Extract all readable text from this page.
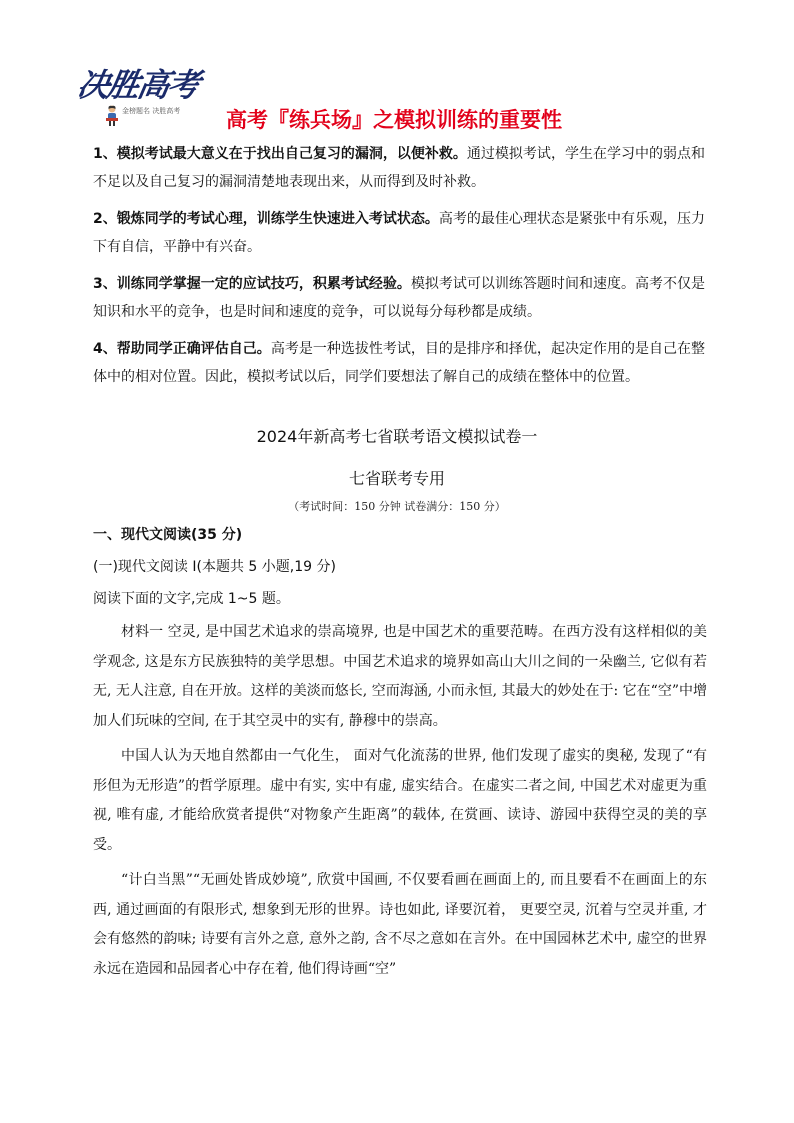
决胜高考
金榜题名 决胜高考 高考『练兵场』之模拟训练的重要性

1、模拟考试最大意义在于找出自己复习的漏洞，以便补救。通过模拟考试，学生在学习中的弱点和不足以及自己复习的漏洞清楚地表现出来，从而得到及时补救。

2、锻炼同学的考试心理，训练学生快速进入考试状态。高考的最佳心理状态是紧张中有乐观，压力下有自信，平静中有兴奋。

3、训练同学掌握一定的应试技巧，积累考试经验。模拟考试可以训练答题时间和速度。高考不仅是知识和水平的竞争，也是时间和速度的竞争，可以说每分每秒都是成绩。

4、帮助同学正确评估自己。高考是一种选拔性考试，目的是排序和择优，起决定作用的是自己在整体中的相对位置。因此，模拟考试以后，同学们要想法了解自己的成绩在整体中的位置。

2024年新高考七省联考语文模拟试卷一
七省联考专用
（考试时间：150 分钟 试卷满分：150 分）
一、现代文阅读(35 分)
(一)现代文阅读 I(本题共 5 小题,19 分)
阅读下面的文字,完成 1~5 题。

材料一 空灵, 是中国艺术追求的崇高境界, 也是中国艺术的重要范畴。在西方没有这样相似的美学观念, 这是东方民族独特的美学思想。中国艺术追求的境界如高山大川之间的一朵幽兰, 它似有若无, 无人注意, 自在开放。这样的美淡而悠长, 空而海涵, 小而永恒, 其最大的妙处在于: 它在“空”中增加人们玩味的空间, 在于其空灵中的实有, 静穆中的崇高。

中国人认为天地自然都由一气化生， 面对气化流荡的世界, 他们发现了虚实的奥秘, 发现了“有形但为无形造”的哲学原理。虚中有实, 实中有虚, 虚实结合。在虚实二者之间, 中国艺术对虚更为重视, 唯有虚, 才能给欣赏者提供“对物象产生距离”的载体, 在赏画、读诗、游园中获得空灵的美的享受。

“计白当黑”“无画处皆成妙境”, 欣赏中国画, 不仅要看画在画面上的, 而且要看不在画面上的东西, 通过画面的有限形式, 想象到无形的世界。诗也如此, 译要沉着， 更要空灵, 沉着与空灵并重, 才会有悠然的韵味; 诗要有言外之意, 意外之韵, 含不尽之意如在言外。在中国园林艺术中, 虚空的世界永远在造园和品园者心中存在着, 他们得诗画“空”
